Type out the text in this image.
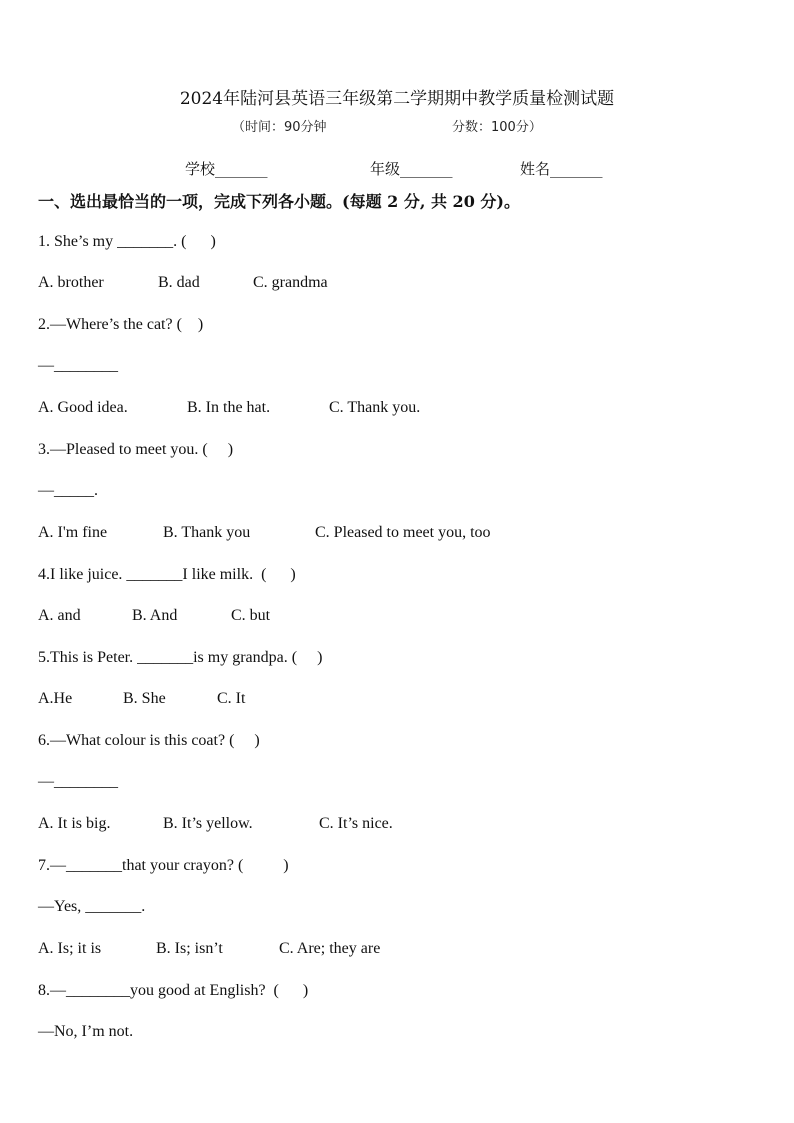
2024年陆河县英语三年级第二学期期中教学质量检测试题
（时间：90分钟	分数：100分）
学校_______	年级_______	姓名_______
一、选出最恰当的一项，完成下列各小题。(每题 2 分, 共 20 分)。
1. She’s my _______. (      )
A. brother	B. dad	C. grandma
2.—Where’s the cat? (    )
—________
A. Good idea.	B. In the hat.	C. Thank you.
3.—Pleased to meet you. (     )
—_____.
A. I'm fine	B. Thank you	C. Pleased to meet you, too
4.I like juice. _______I like milk.  (      )
A. and	B. And	C. but
5.This is Peter. _______is my grandpa. (     )
A.He	B. She	C. It
6.—What colour is this coat? (     )
—________
A. It is big.	B. It’s yellow.	C. It’s nice.
7.—_______that your crayon? (          )
—Yes, _______.
A. Is; it is	B. Is; isn’t	C. Are; they are
8.—________you good at English?  (      )
—No, I’m not.
